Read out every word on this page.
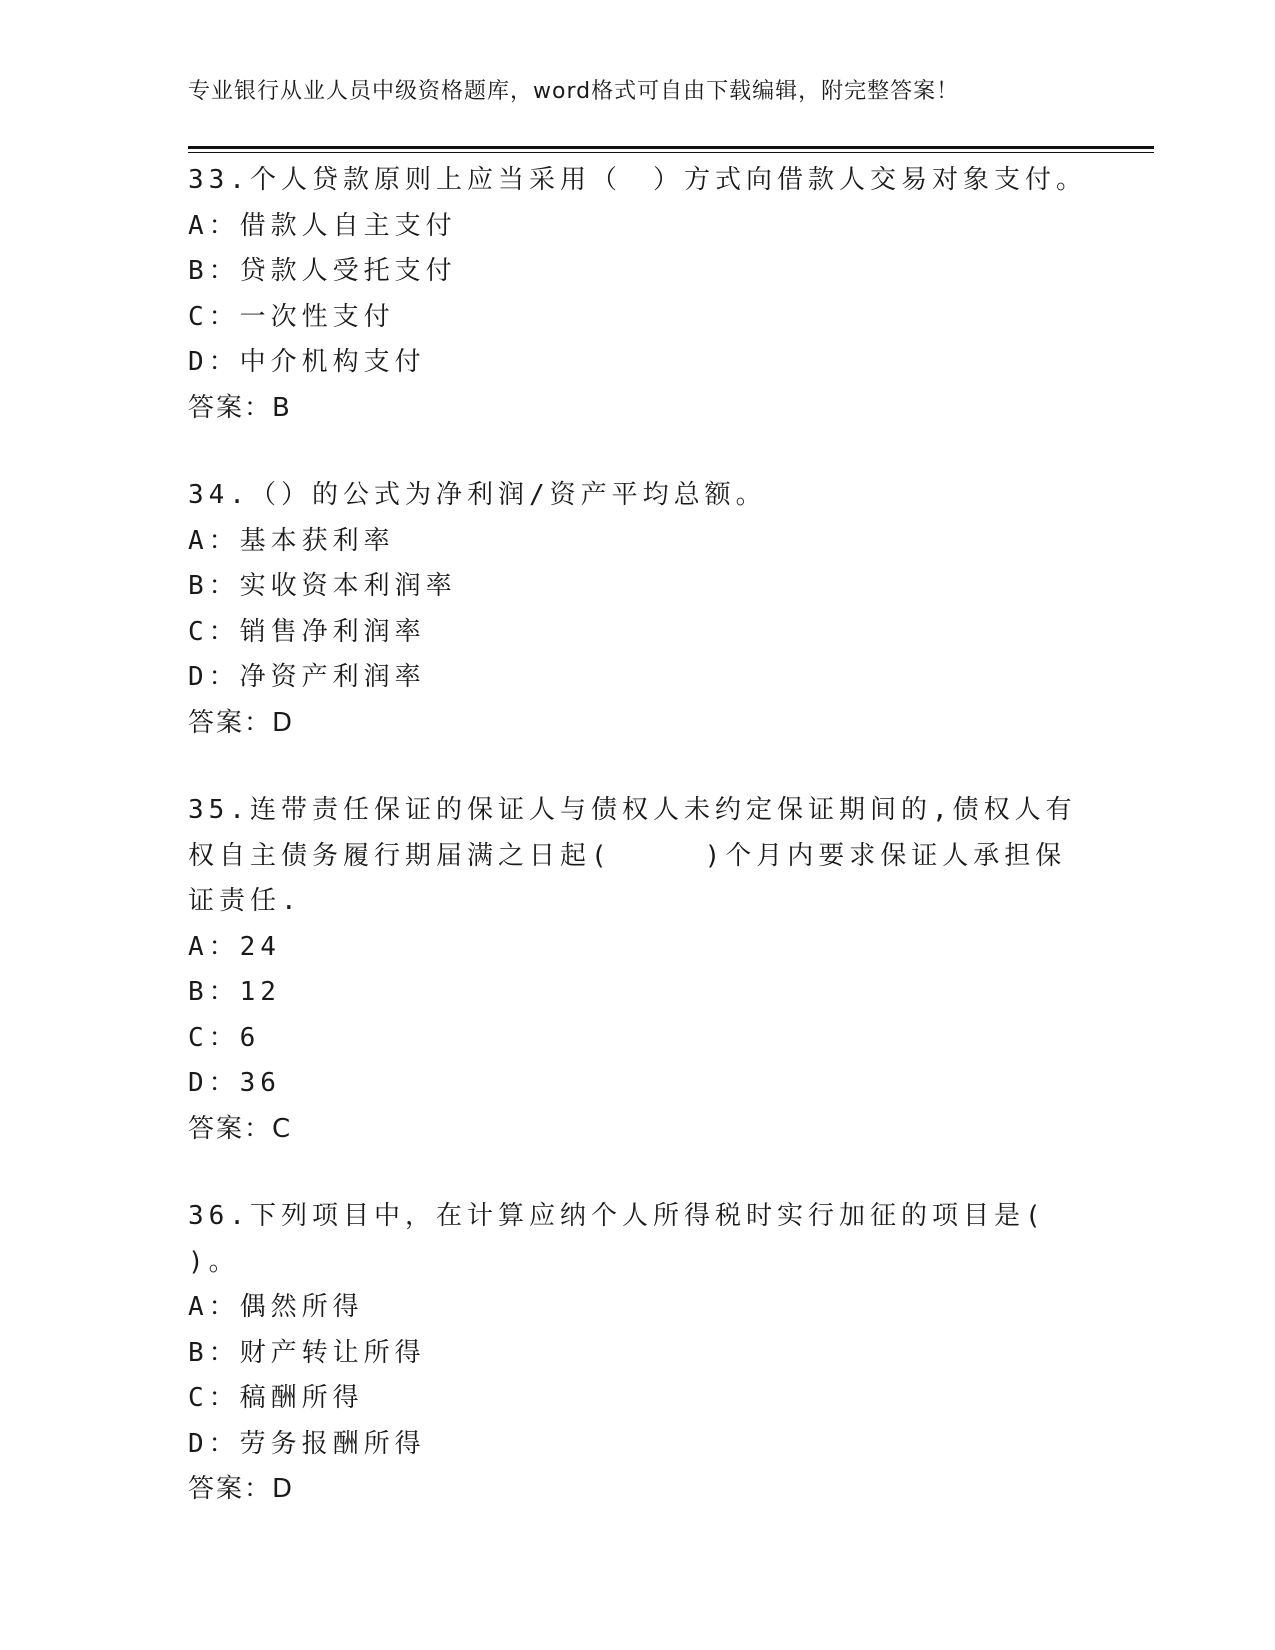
专业银行从业人员中级资格题库，word格式可自由下载编辑，附完整答案！
33.个人贷款原则上应当采用（　）方式向借款人交易对象支付。
A：借款人自主支付
B：贷款人受托支付
C：一次性支付
D：中介机构支付
答案：B
34.（）的公式为净利润/资产平均总额。
A：基本获利率
B：实收资本利润率
C：销售净利润率
D：净资产利润率
答案：D
35.连带责任保证的保证人与债权人未约定保证期间的,债权人有权自主债务履行期届满之日起(　　　)个月内要求保证人承担保证责任.
A：24
B：12
C：6
D：36
答案：C
36.下列项目中，在计算应纳个人所得税时实行加征的项目是( )。
A：偶然所得
B：财产转让所得
C：稿酬所得
D：劳务报酬所得
答案：D
